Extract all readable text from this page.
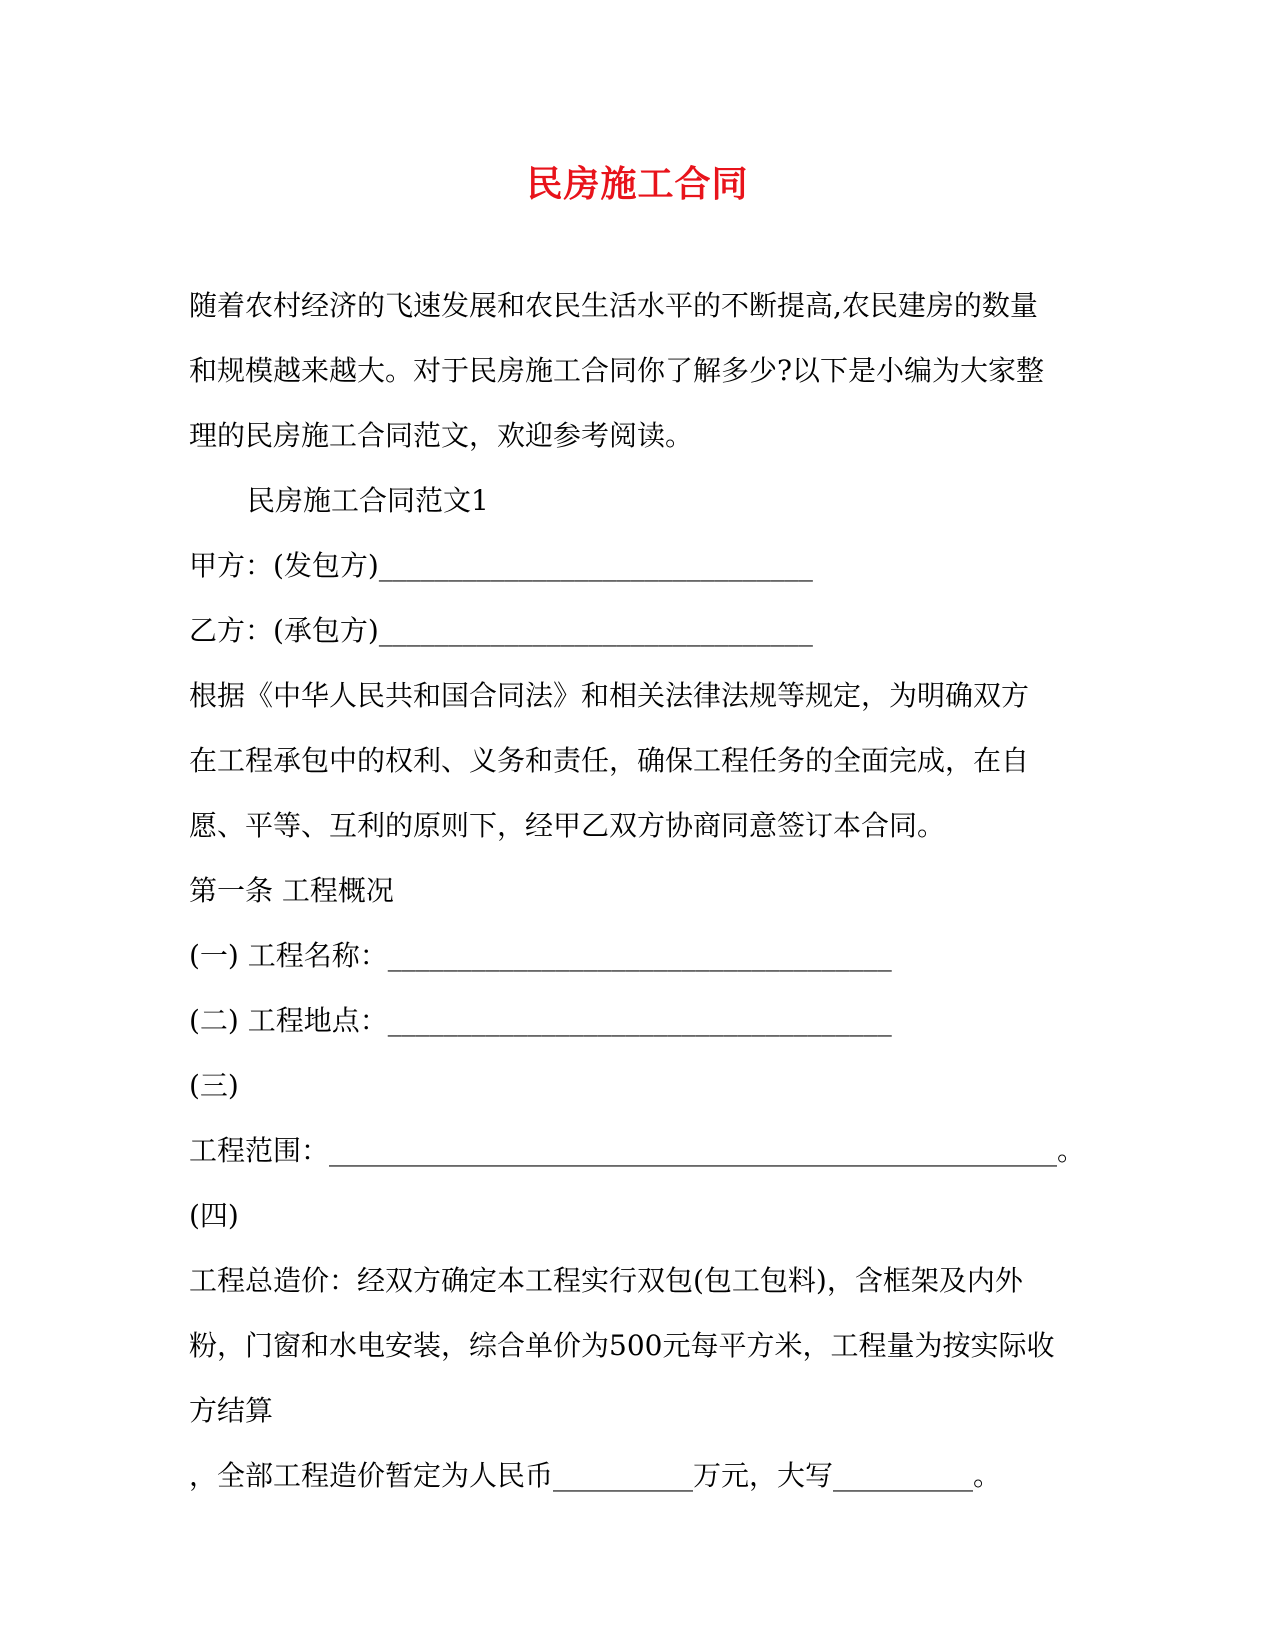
民房施工合同
随着农村经济的飞速发展和农民生活水平的不断提高,农民建房的数量
和规模越来越大。对于民房施工合同你了解多少?以下是小编为大家整
理的民房施工合同范文，欢迎参考阅读。
民房施工合同范文1
甲方：(发包方)_______________________________
乙方：(承包方)_______________________________
根据《中华人民共和国合同法》和相关法律法规等规定，为明确双方
在工程承包中的权利、义务和责任，确保工程任务的全面完成，在自
愿、平等、互利的原则下，经甲乙双方协商同意签订本合同。
第一条 工程概况
(一) 工程名称：____________________________________
(二) 工程地点：____________________________________
(三)
工程范围：____________________________________________________。
(四)
工程总造价：经双方确定本工程实行双包(包工包料)，含框架及内外
粉，门窗和水电安装，综合单价为500元每平方米，工程量为按实际收
方结算
，全部工程造价暂定为人民币__________万元，大写__________。
